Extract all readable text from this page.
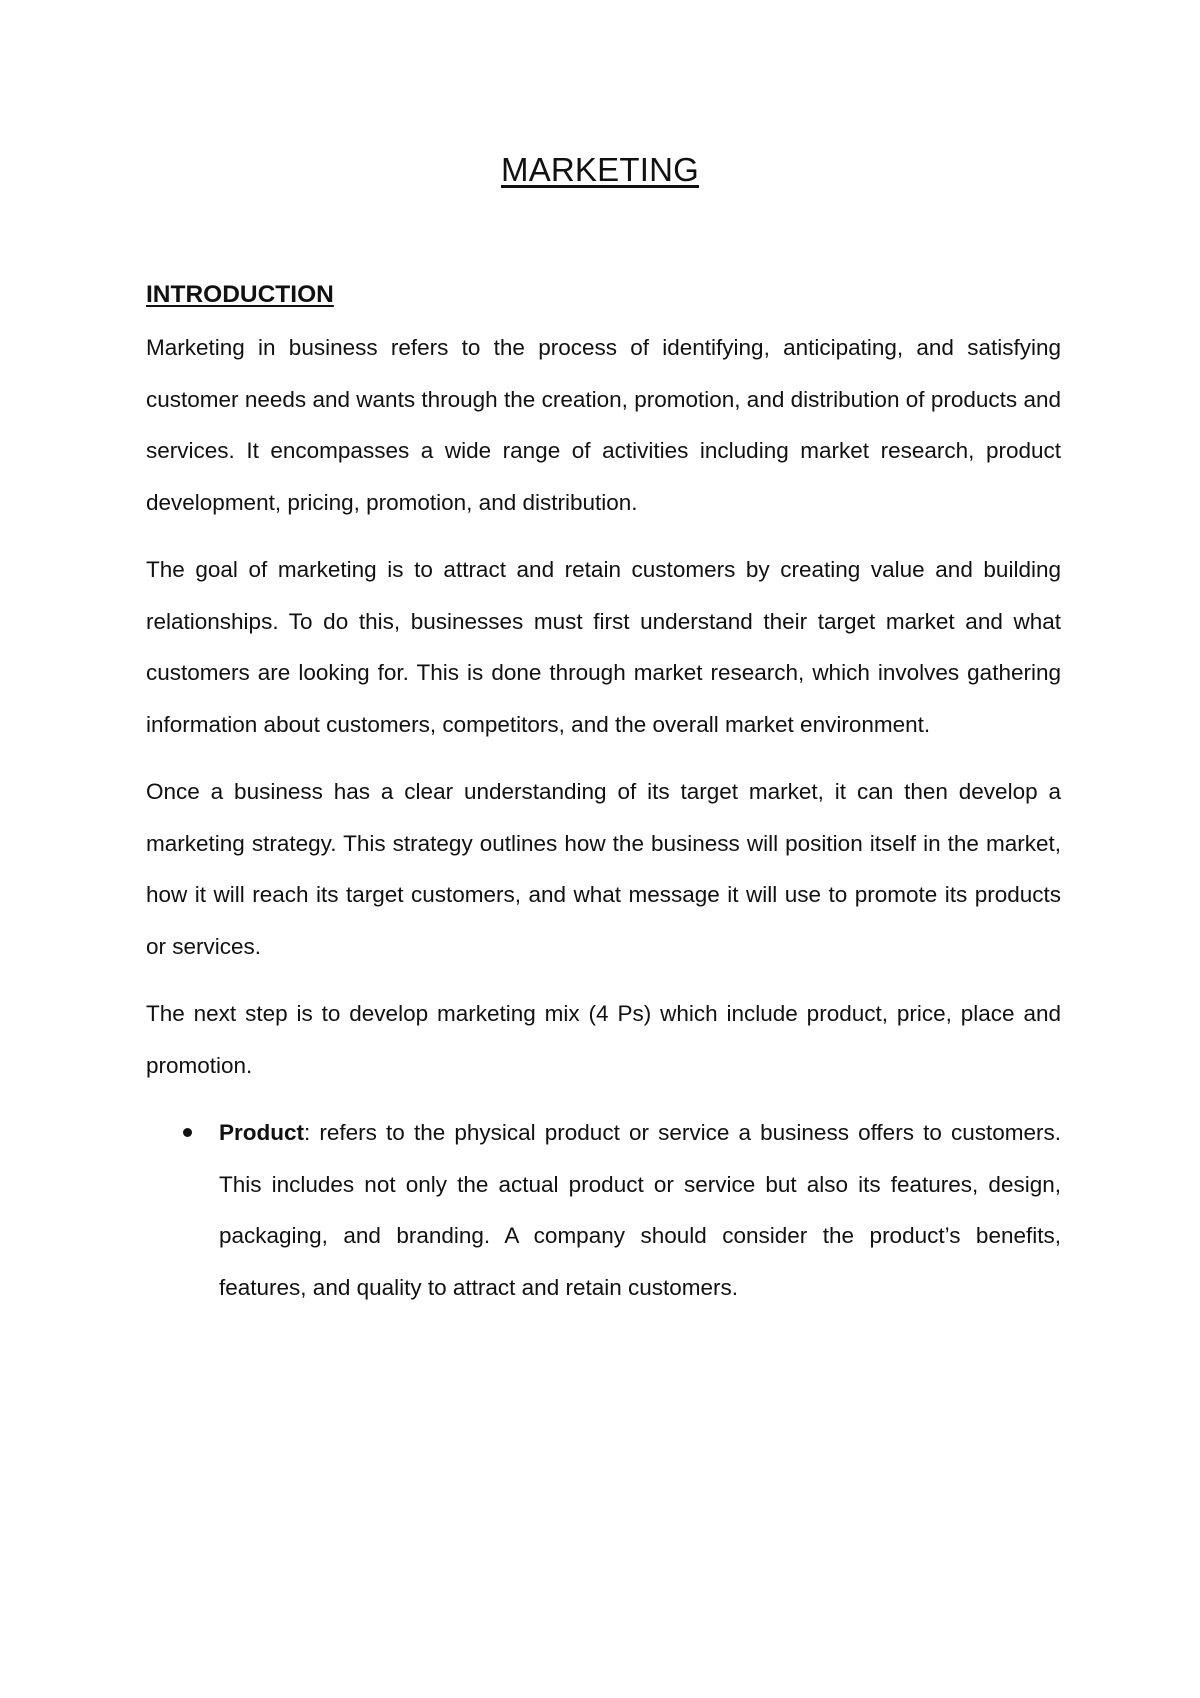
MARKETING
INTRODUCTION

Marketing in business refers to the process of identifying, anticipating, and satisfying customer needs and wants through the creation, promotion, and distribution of products and services. It encompasses a wide range of activities including market research, product development, pricing, promotion, and distribution.

The goal of marketing is to attract and retain customers by creating value and building relationships. To do this, businesses must first understand their target market and what customers are looking for. This is done through market research, which involves gathering information about customers, competitors, and the overall market environment.

Once a business has a clear understanding of its target market, it can then develop a marketing strategy. This strategy outlines how the business will position itself in the market, how it will reach its target customers, and what message it will use to promote its products or services.

The next step is to develop marketing mix (4 Ps) which include product, price, place and promotion.

Product: refers to the physical product or service a business offers to customers. This includes not only the actual product or service but also its features, design, packaging, and branding. A company should consider the product’s benefits, features, and quality to attract and retain customers.
